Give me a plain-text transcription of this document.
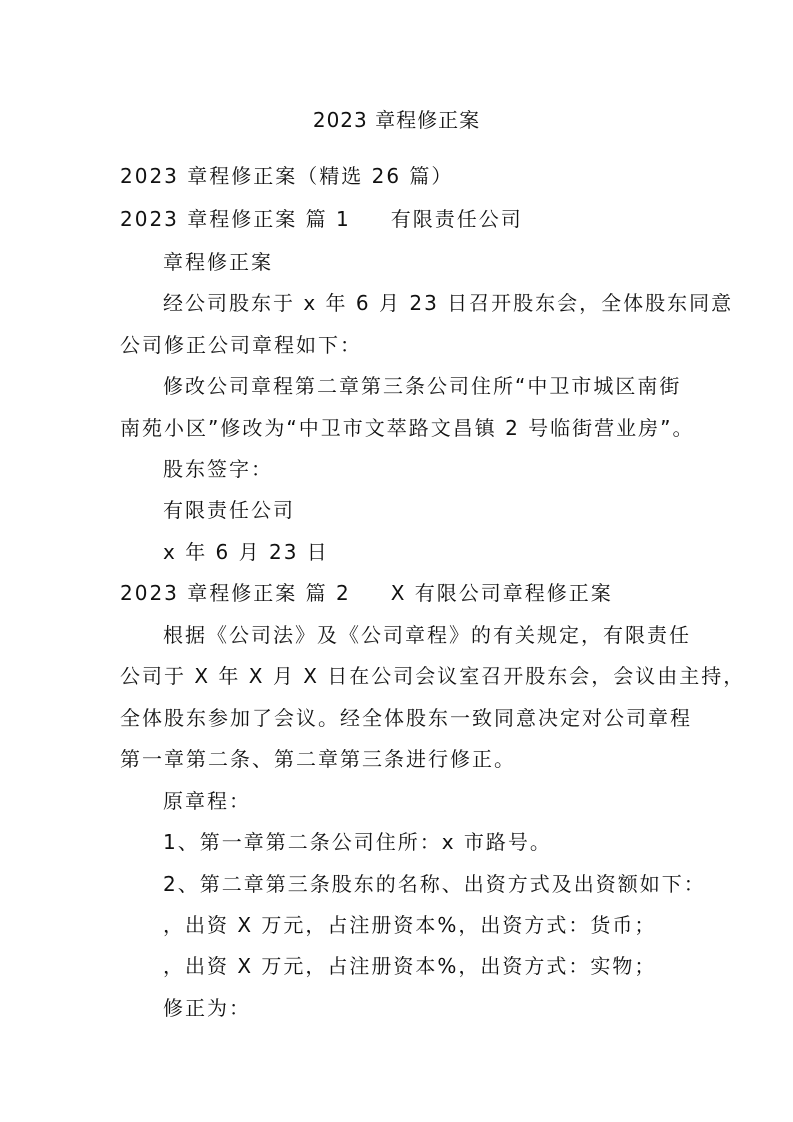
2023 章程修正案
2023 章程修正案（精选 26 篇）
2023 章程修正案 篇 1 有限责任公司
章程修正案
经公司股东于 x 年 6 月 23 日召开股东会，全体股东同意
公司修正公司章程如下：
修改公司章程第二章第三条公司住所“中卫市城区南街
南苑小区”修改为“中卫市文萃路文昌镇 2 号临街营业房”。
股东签字：
有限责任公司
x 年 6 月 23 日
2023 章程修正案 篇 2 X 有限公司章程修正案
根据《公司法》及《公司章程》的有关规定，有限责任
公司于 X 年 X 月 X 日在公司会议室召开股东会，会议由主持，
全体股东参加了会议。经全体股东一致同意决定对公司章程
第一章第二条、第二章第三条进行修正。
原章程：
1、第一章第二条公司住所：x 市路号。
2、第二章第三条股东的名称、出资方式及出资额如下：
，出资 X 万元，占注册资本%，出资方式：货币；
，出资 X 万元，占注册资本%，出资方式：实物；
修正为：
